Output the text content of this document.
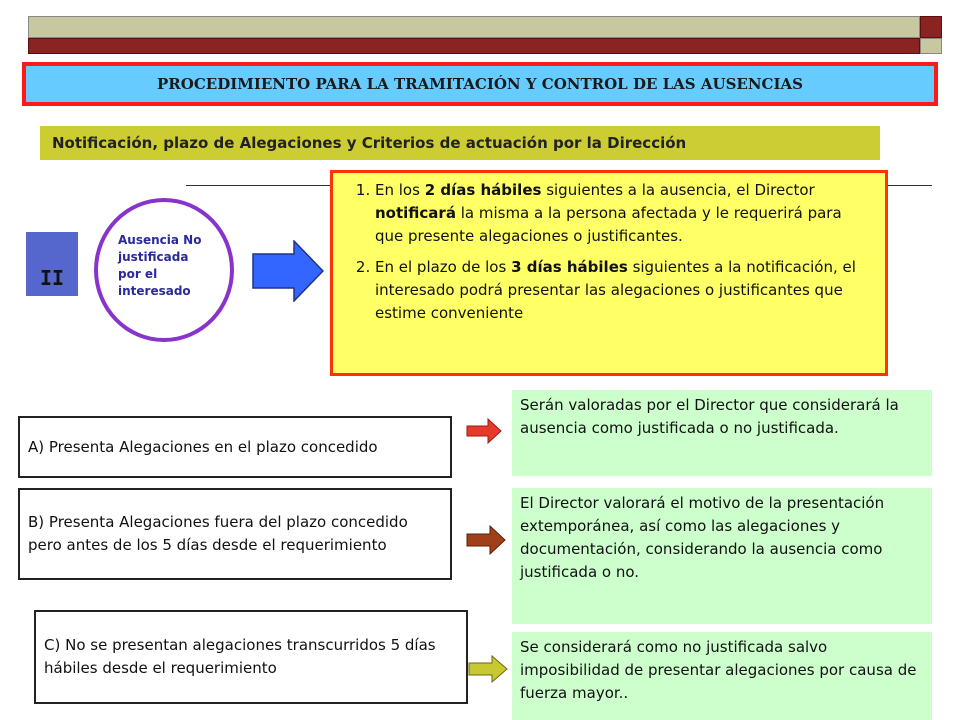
PROCEDIMIENTO PARA LA TRAMITACIÓN Y CONTROL DE LAS AUSENCIAS
Notificación, plazo de Alegaciones y Criterios de actuación por la Dirección
II
Ausencia No
justificada
por el
interesado
1. En los 2 días hábiles siguientes a la ausencia, el Director notificará la misma a la persona afectada y le requerirá para que presente alegaciones o justificantes.
2. En el plazo de los 3 días hábiles siguientes a la notificación, el interesado podrá presentar las alegaciones o justificantes que estime conveniente
A) Presenta Alegaciones en el plazo concedido
Serán valoradas por el Director que considerará la ausencia como justificada o no justificada.
B) Presenta Alegaciones fuera del plazo concedido pero antes de los 5 días desde el requerimiento
El Director valorará el motivo de la presentación extemporánea, así como las alegaciones y documentación, considerando la ausencia como justificada o no.
C) No se presentan alegaciones transcurridos 5 días hábiles desde el requerimiento
Se considerará como no justificada salvo imposibilidad de presentar alegaciones por causa de fuerza mayor..
